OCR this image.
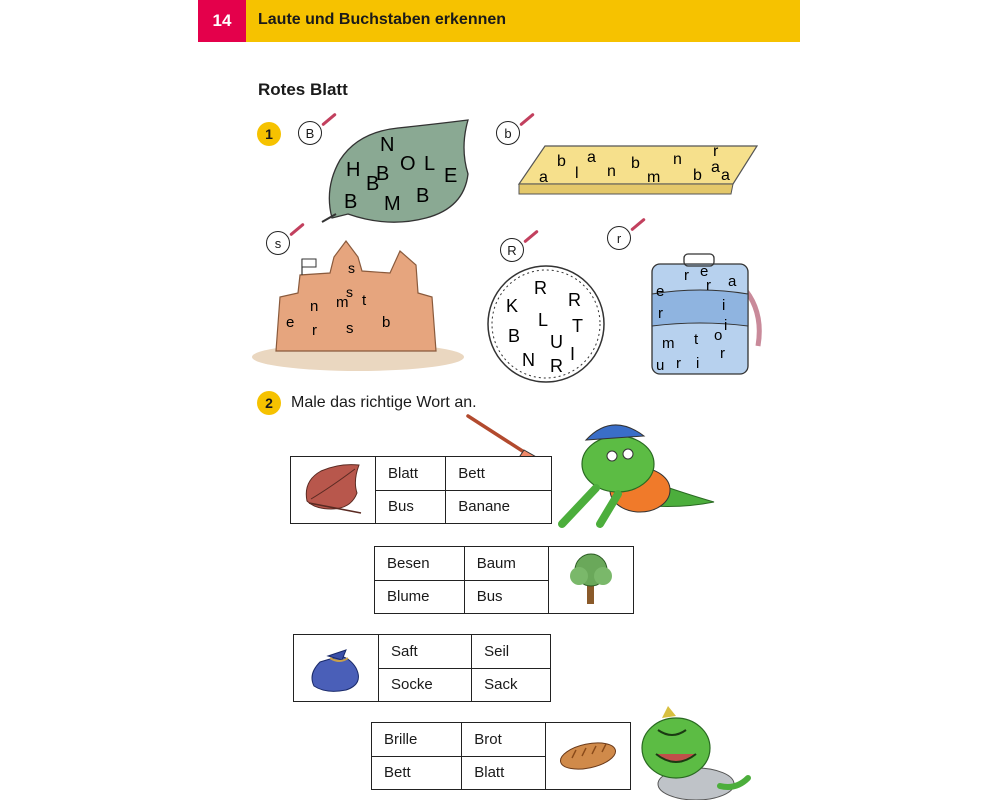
14	Laute und Buchstaben erkennen
Rotes Blatt
1	B
B
N
H O L
E
B
B M B
b
b a
a l n b
m
n
b
r
a a
s
s
e
n m t
s
r s b
R
K
R
R
L T
B U
N R
I
r
r e
e	r a
r	i
i
m t o
u r i
r
2	Male das richtige Wort an.
	Blatt	Bett
	Bus	Banane
Besen	Baum	
Blume	Bus	
	Saft	Seil
	Socke	Sack
Brille	Brot	
Bett	Blatt	
